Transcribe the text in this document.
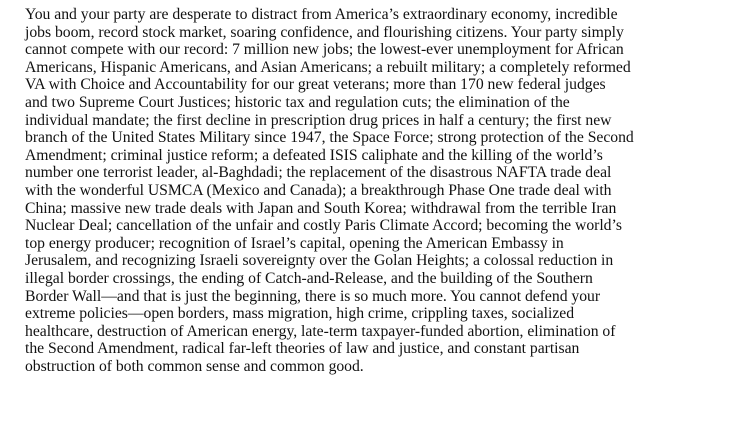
You and your party are desperate to distract from America’s extraordinary economy, incredible
jobs boom, record stock market, soaring confidence, and flourishing citizens. Your party simply
cannot compete with our record: 7 million new jobs; the lowest-ever unemployment for African
Americans, Hispanic Americans, and Asian Americans; a rebuilt military; a completely reformed
VA with Choice and Accountability for our great veterans; more than 170 new federal judges
and two Supreme Court Justices; historic tax and regulation cuts; the elimination of the
individual mandate; the first decline in prescription drug prices in half a century; the first new
branch of the United States Military since 1947, the Space Force; strong protection of the Second
Amendment; criminal justice reform; a defeated ISIS caliphate and the killing of the world’s
number one terrorist leader, al-Baghdadi; the replacement of the disastrous NAFTA trade deal
with the wonderful USMCA (Mexico and Canada); a breakthrough Phase One trade deal with
China; massive new trade deals with Japan and South Korea; withdrawal from the terrible Iran
Nuclear Deal; cancellation of the unfair and costly Paris Climate Accord; becoming the world’s
top energy producer; recognition of Israel’s capital, opening the American Embassy in
Jerusalem, and recognizing Israeli sovereignty over the Golan Heights; a colossal reduction in
illegal border crossings, the ending of Catch-and-Release, and the building of the Southern
Border Wall—and that is just the beginning, there is so much more. You cannot defend your
extreme policies—open borders, mass migration, high crime, crippling taxes, socialized
healthcare, destruction of American energy, late-term taxpayer-funded abortion, elimination of
the Second Amendment, radical far-left theories of law and justice, and constant partisan
obstruction of both common sense and common good.
